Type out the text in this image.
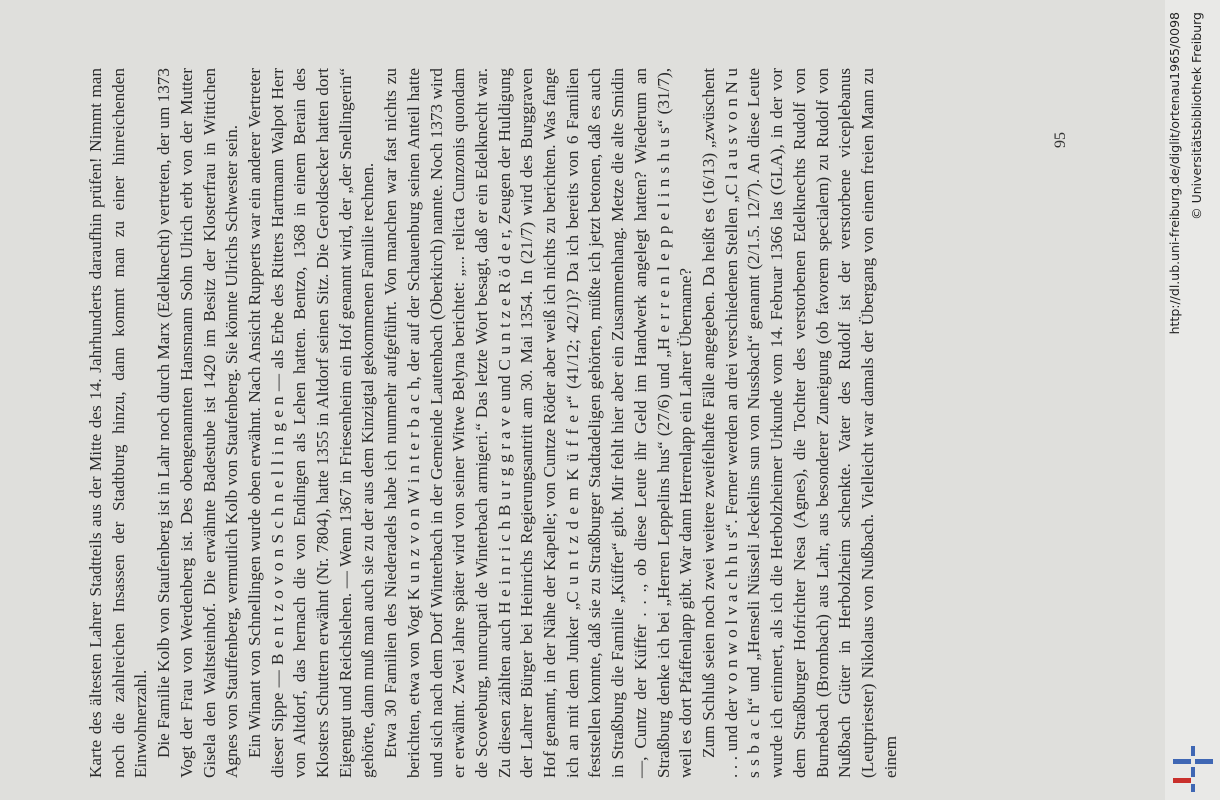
Karte des ältesten Lahrer Stadtteils aus der Mitte des 14. Jahrhunderts daraufhin prüfen! Nimmt man noch die zahlreichen Insassen der Stadtburg hinzu, dann kommt man zu einer hinreichenden Einwohnerzahl. Die Familie Kolb von Staufenberg ist in Lahr noch durch Marx (Edelknecht) vertreten, der um 1373 Vogt der Frau von Werdenberg ist. Des obengenannten Hansmann Sohn Ulrich erbt von der Mutter Gisela den Waltsteinhof. Die erwähnte Badestube ist 1420 im Besitz der Klosterfrau in Wittichen Agnes von Stauffenberg, vermutlich Kolb von Staufenberg. Sie könnte Ulrichs Schwester sein. Ein Winant von Schnellingen wurde oben erwähnt. Nach Ansicht Rupperts war ein anderer Vertreter dieser Sippe — B e n t z o v o n S c h n e l l i n g e n — als Erbe des Ritters Hartmann Walpot Herr von Altdorf, das hernach die von Endingen als Lehen hatten. Bentzo, 1368 in einem Berain des Klosters Schuttern erwähnt (Nr. 7804), hatte 1355 in Altdorf seinen Sitz. Die Geroldsecker hatten dort Eigengut und Reichslehen. — Wenn 1367 in Friesenheim ein Hof genannt wird, der „der Snellingerin“ gehörte, dann muß man auch sie zu der aus dem Kinzigtal gekommenen Familie rechnen. Etwa 30 Familien des Niederadels habe ich nunmehr aufgeführt. Von manchen war fast nichts zu berichten, etwa von Vogt K u n z v o n W i n t e r b a c h, der auf der Schauenburg seinen Anteil hatte und sich nach dem Dorf Winterbach in der Gemeinde Lautenbach (Oberkirch) nannte. Noch 1373 wird er erwähnt. Zwei Jahre später wird von seiner Witwe Belyna berichtet: „... relicta Cunzonis quondam de Scoweburg, nuncupati de Winterbach armigeri.“ Das letzte Wort besagt, daß er ein Edelknecht war. Zu diesen zählten auch H e i n r i c h B u r g g r a v e und C u n t z e R ö d e r, Zeugen der Huldigung der Lahrer Bürger bei Heinrichs Regierungsantritt am 30. Mai 1354. In (21/7) wird des Burggraven Hof genannt, in der Nähe der Kapelle; von Cuntze Röder aber weiß ich nichts zu berichten. Was fange ich an mit dem Junker „C u n t z d e m K ü f f e r“ (41/12; 42/1)? Da ich bereits von 6 Familien feststellen konnte, daß sie zu Straßburger Stadtadeligen gehörten, müßte ich jetzt betonen, daß es auch in Straßburg die Familie „Küffer“ gibt. Mir fehlt hier aber ein Zusammenhang. Metze die alte Smidin —, Cuntz der Küffer . . ., ob diese Leute ihr Geld im Handwerk angelegt hatten? Wiederum an Straßburg denke ich bei „Herren Leppelins hus“ (27/6) und „H e r r e n l e p p e l i n s h u s“ (31/7), weil es dort Pfaffenlapp gibt. War dann Herrenlapp ein Lahrer Übername? Zum Schluß seien noch zwei weitere zweifelhafte Fälle angegeben. Da heißt es (16/13) „zwüschent . . . und der v o n w o l v a c h h u s“. Ferner werden an drei verschiedenen Stellen „C l a u s v o n N u s s b a c h“ und „Henseli Nüsseli Jeckelins sun von Nussbach“ genannt (2/1.5. 12/7). An diese Leute wurde ich erinnert, als ich die Herbolzheimer Urkunde vom 14. Februar 1366 las (GLA), in der vor dem Straßburger Hofrichter Nesa (Agnes), die Tochter des verstorbenen Edelknechts Rudolf von Burnebach (Brombach) aus Lahr, aus besonderer Zuneigung (ob favorem specialem) zu Rudolf von Nußbach Güter in Herbolzheim schenkte. Vater des Rudolf ist der verstorbene viceplebanus (Leutpriester) Nikolaus von Nußbach. Vielleicht war damals der Übergang von einem freien Mann zu einem

95	http://dl.ub.uni-freiburg.de/diglit/ortenau1965/0098 © Universitätsbibliothek Freiburg
